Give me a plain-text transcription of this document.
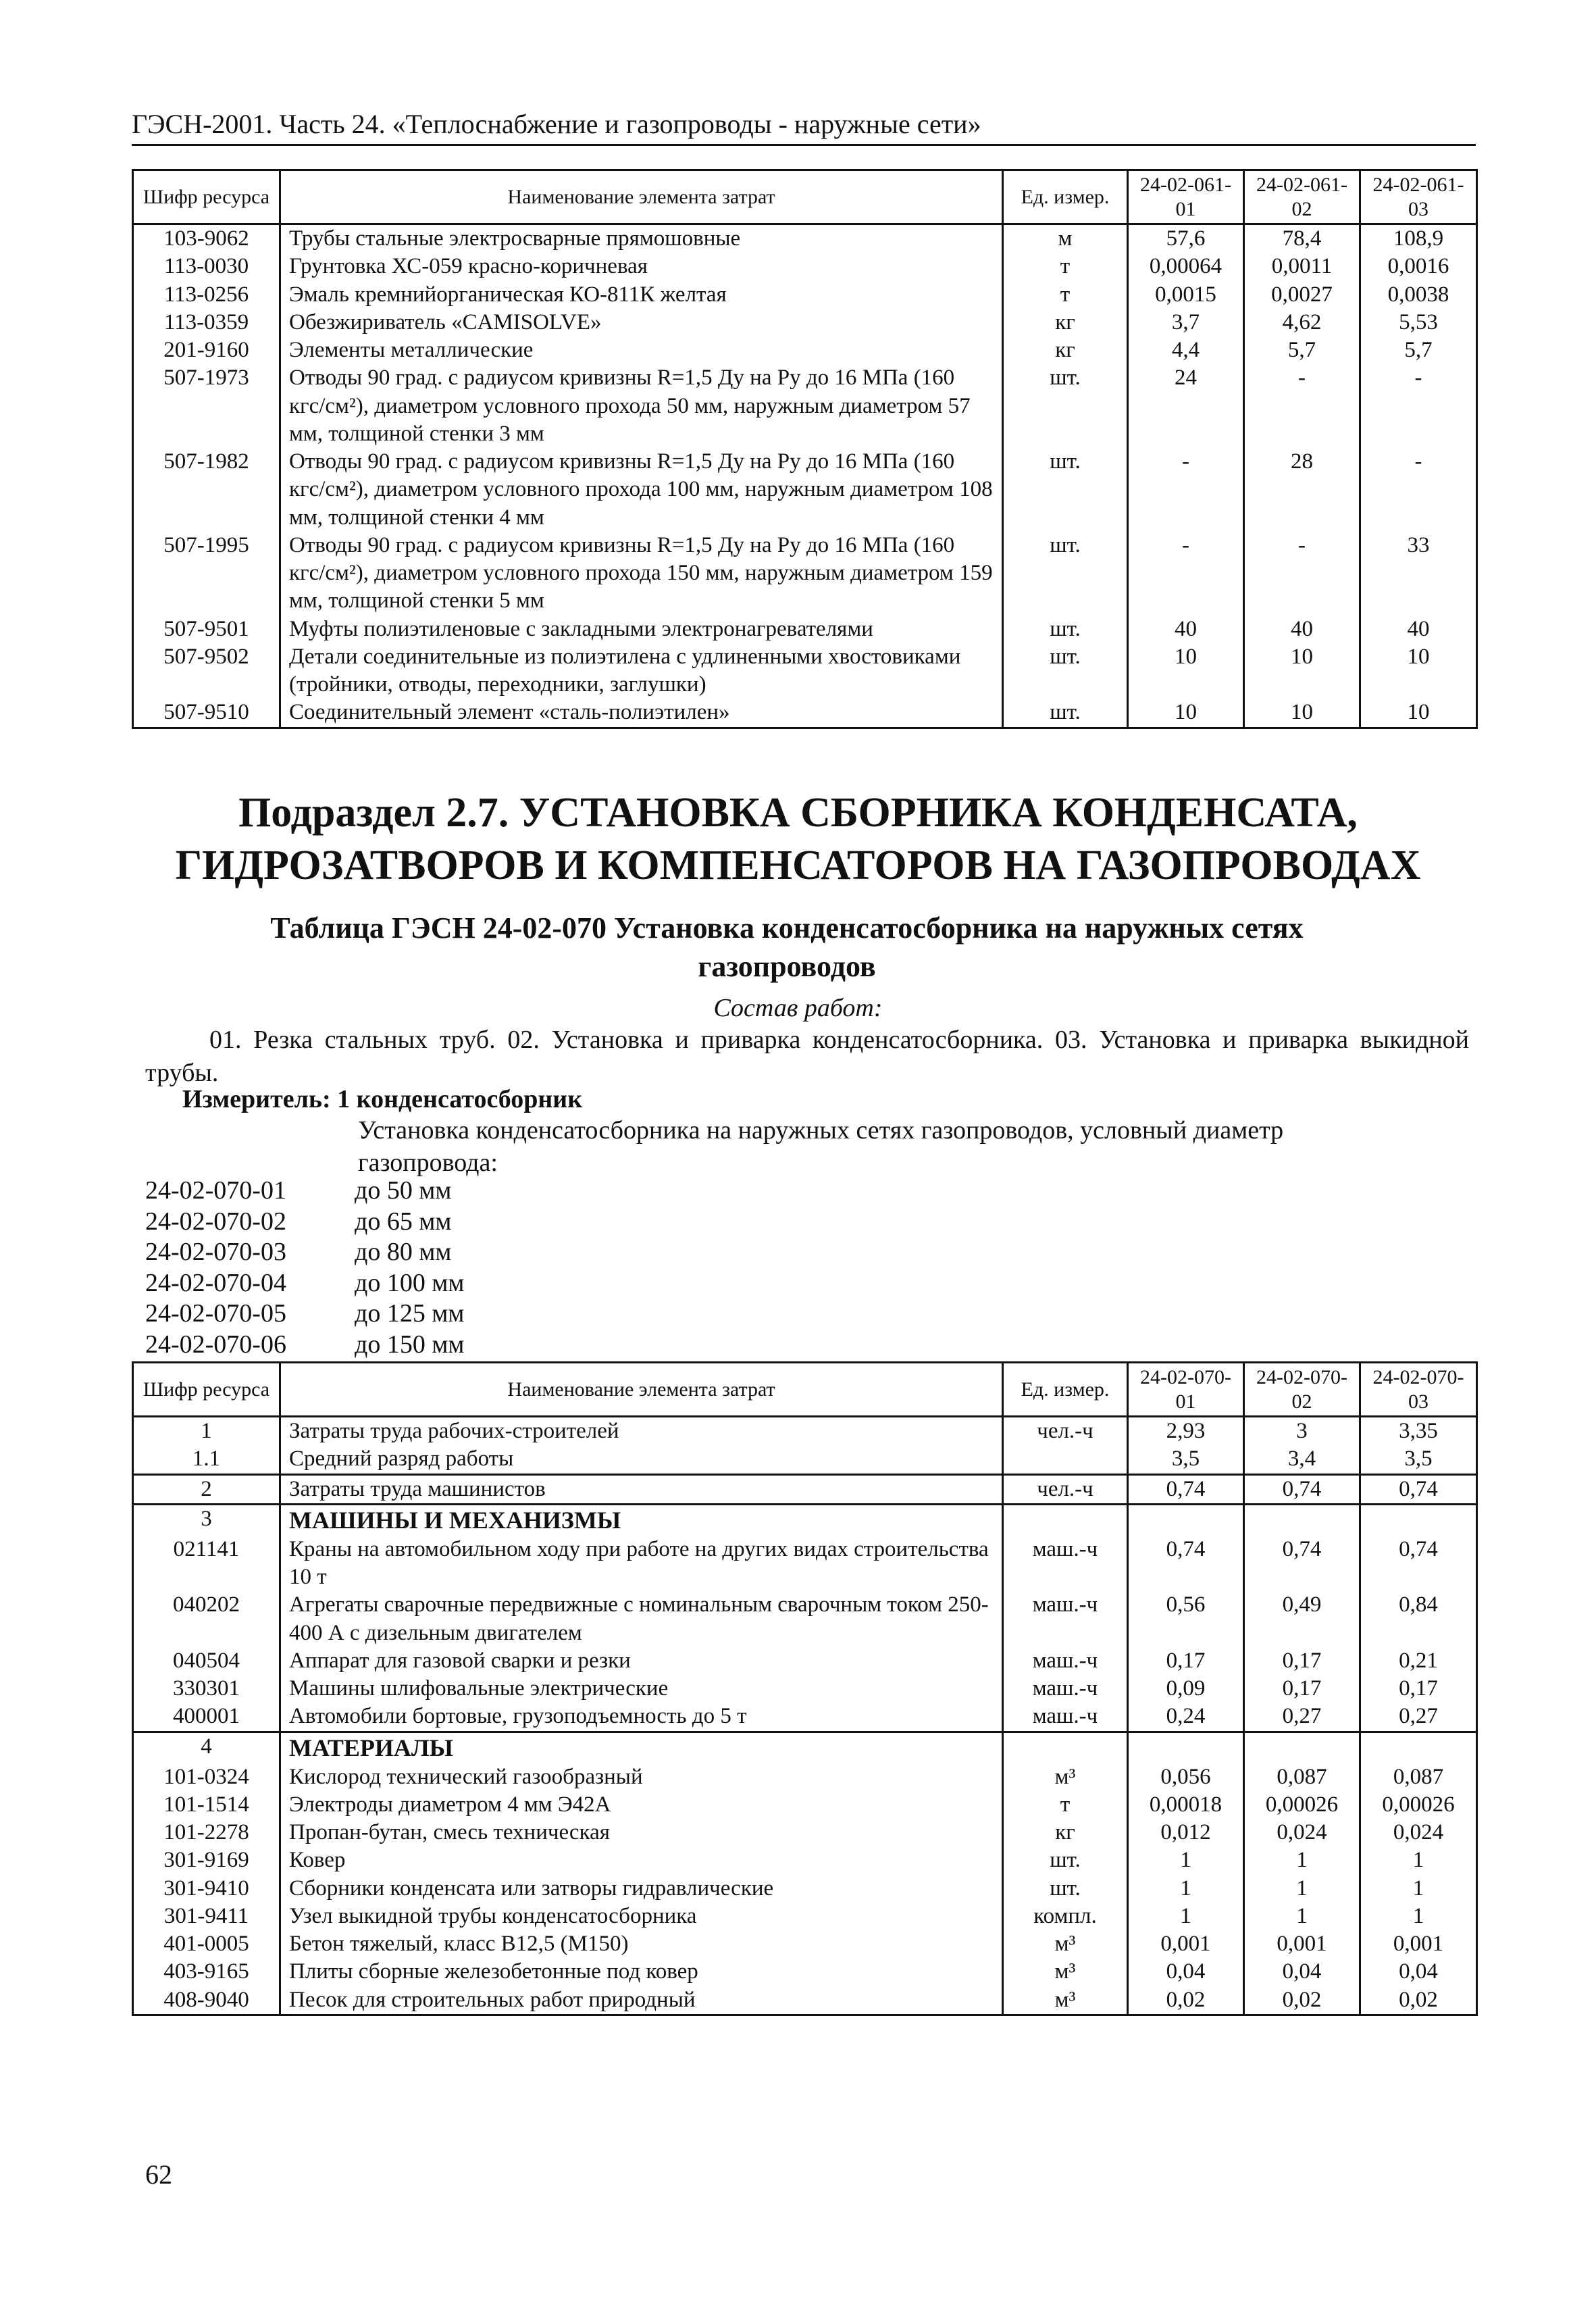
ГЭСН-2001. Часть 24. «Теплоснабжение и газопроводы - наружные сети»
Шифр ресурса	Наименование элемента затрат	Ед. измер.	24-02-061-01	24-02-061-02	24-02-061-03
103-9062	Трубы стальные электросварные прямошовные	м	57,6	78,4	108,9
113-0030	Грунтовка ХС-059 красно-коричневая	т	0,00064	0,0011	0,0016
113-0256	Эмаль кремнийорганическая КО-811К желтая	т	0,0015	0,0027	0,0038
113-0359	Обезжириватель «CAMISOLVE»	кг	3,7	4,62	5,53
201-9160	Элементы металлические	кг	4,4	5,7	5,7
507-1973	Отводы 90 град. с радиусом кривизны R=1,5 Ду на Ру до 16 МПа (160 кгс/см²), диаметром условного прохода 50 мм, наружным диаметром 57 мм, толщиной стенки 3 мм	шт.	24	-	-
507-1982	Отводы 90 град. с радиусом кривизны R=1,5 Ду на Ру до 16 МПа (160 кгс/см²), диаметром условного прохода 100 мм, наружным диаметром 108 мм, толщиной стенки 4 мм	шт.	-	28	-
507-1995	Отводы 90 град. с радиусом кривизны R=1,5 Ду на Ру до 16 МПа (160 кгс/см²), диаметром условного прохода 150 мм, наружным диаметром 159 мм, толщиной стенки 5 мм	шт.	-	-	33
507-9501	Муфты полиэтиленовые с закладными электронагревателями	шт.	40	40	40
507-9502	Детали соединительные из полиэтилена с удлиненными хвостовиками (тройники, отводы, переходники, заглушки)	шт.	10	10	10
507-9510	Соединительный элемент «сталь-полиэтилен»	шт.	10	10	10
Подраздел 2.7. УСТАНОВКА СБОРНИКА КОНДЕНСАТА,
ГИДРОЗАТВОРОВ И КОМПЕНСАТОРОВ НА ГАЗОПРОВОДАХ
Таблица ГЭСН 24-02-070 Установка конденсатосборника на наружных сетях
газопроводов
Состав работ:
01. Резка стальных труб. 02. Установка и приварка конденсатосборника. 03. Установка и приварка выкидной трубы.
Измеритель: 1 конденсатосборник
Установка конденсатосборника на наружных сетях газопроводов, условный диаметр газопровода:
24-02-070-01	до 50 мм
24-02-070-02	до 65 мм
24-02-070-03	до 80 мм
24-02-070-04	до 100 мм
24-02-070-05	до 125 мм
24-02-070-06	до 150 мм
Шифр ресурса	Наименование элемента затрат	Ед. измер.	24-02-070-01	24-02-070-02	24-02-070-03
1	Затраты труда рабочих-строителей	чел.-ч	2,93	3	3,35
1.1	Средний разряд работы		3,5	3,4	3,5
2	Затраты труда машинистов	чел.-ч	0,74	0,74	0,74
3	МАШИНЫ И МЕХАНИЗМЫ				
021141	Краны на автомобильном ходу при работе на других видах строительства 10 т	маш.-ч	0,74	0,74	0,74
040202	Агрегаты сварочные передвижные с номинальным сварочным током 250-400 А с дизельным двигателем	маш.-ч	0,56	0,49	0,84
040504	Аппарат для газовой сварки и резки	маш.-ч	0,17	0,17	0,21
330301	Машины шлифовальные электрические	маш.-ч	0,09	0,17	0,17
400001	Автомобили бортовые, грузоподъемность до 5 т	маш.-ч	0,24	0,27	0,27
4	МАТЕРИАЛЫ				
101-0324	Кислород технический газообразный	м³	0,056	0,087	0,087
101-1514	Электроды диаметром 4 мм Э42А	т	0,00018	0,00026	0,00026
101-2278	Пропан-бутан, смесь техническая	кг	0,012	0,024	0,024
301-9169	Ковер	шт.	1	1	1
301-9410	Сборники конденсата или затворы гидравлические	шт.	1	1	1
301-9411	Узел выкидной трубы конденсатосборника	компл.	1	1	1
401-0005	Бетон тяжелый, класс В12,5 (М150)	м³	0,001	0,001	0,001
403-9165	Плиты сборные железобетонные под ковер	м³	0,04	0,04	0,04
408-9040	Песок для строительных работ природный	м³	0,02	0,02	0,02
62
